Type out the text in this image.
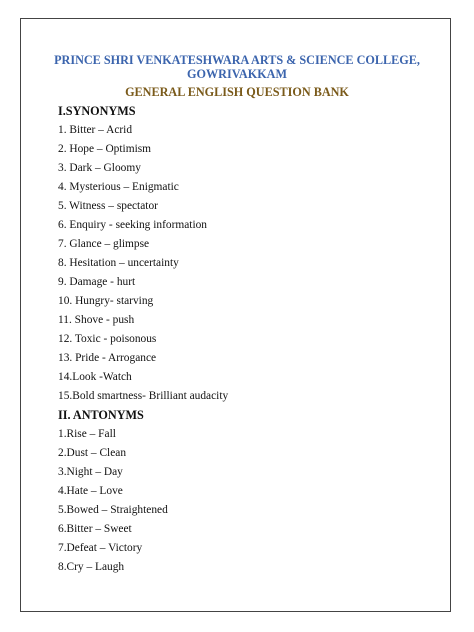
PRINCE SHRI VENKATESHWARA ARTS & SCIENCE COLLEGE,
GOWRIVAKKAM

GENERAL ENGLISH QUESTION BANK

I.SYNONYMS

1. Bitter – Acrid
2. Hope – Optimism
3. Dark – Gloomy
4. Mysterious – Enigmatic
5. Witness – spectator
6. Enquiry - seeking information
7. Glance – glimpse
8. Hesitation – uncertainty
9. Damage - hurt
10. Hungry- starving
11. Shove - push
12. Toxic - poisonous
13. Pride - Arrogance
14.Look -Watch
15.Bold smartness- Brilliant audacity

II. ANTONYMS

1.Rise – Fall
2.Dust – Clean
3.Night – Day
4.Hate – Love
5.Bowed – Straightened
6.Bitter – Sweet
7.Defeat – Victory
8.Cry – Laugh
